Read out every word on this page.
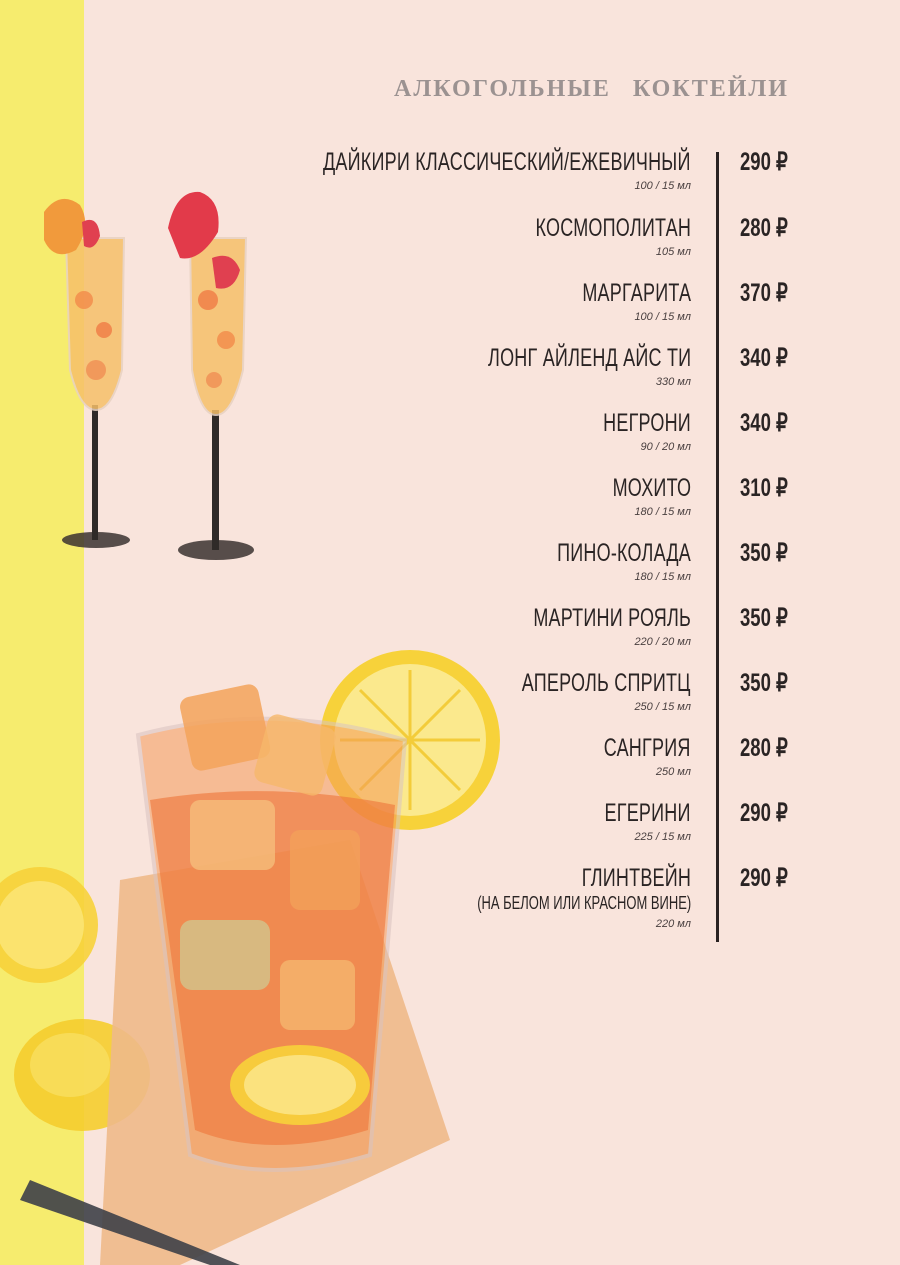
АЛКОГОЛЬНЫЕ КОКТЕЙЛИ
ДАЙКИРИ КЛАССИЧЕСКИЙ/ЕЖЕВИЧНЫЙ
100 / 15 мл
290 ₽
КОСМОПОЛИТАН
105 мл
280 ₽
МАРГАРИТА
100 / 15 мл
370 ₽
ЛОНГ АЙЛЕНД АЙС ТИ
330 мл
340 ₽
НЕГРОНИ
90 / 20 мл
340 ₽
МОХИТО
180 / 15 мл
310 ₽
ПИНО-КОЛАДА
180 / 15 мл
350 ₽
МАРТИНИ РОЯЛЬ
220 / 20 мл
350 ₽
АПЕРОЛЬ СПРИТЦ
250 / 15 мл
350 ₽
САНГРИЯ
250 мл
280 ₽
ЕГЕРИНИ
225 / 15 мл
290 ₽
ГЛИНТВЕЙН
(НА БЕЛОМ ИЛИ КРАСНОМ ВИНЕ)
220 мл
290 ₽
